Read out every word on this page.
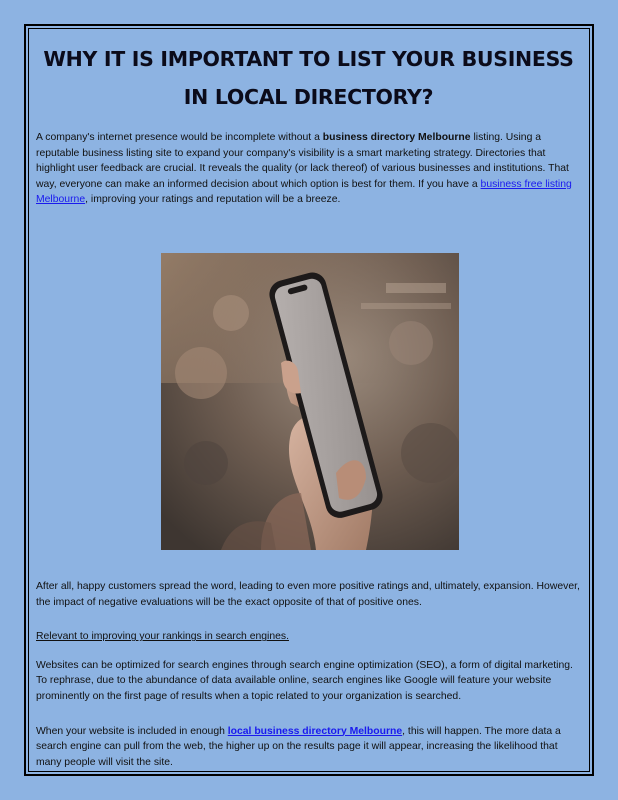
WHY IT IS IMPORTANT TO LIST YOUR BUSINESS IN LOCAL DIRECTORY?

A company's internet presence would be incomplete without a business directory Melbourne listing. Using a reputable business listing site to expand your company's visibility is a smart marketing strategy. Directories that highlight user feedback are crucial. It reveals the quality (or lack thereof) of various businesses and institutions. That way, everyone can make an informed decision about which option is best for them. If you have a business free listing Melbourne, improving your ratings and reputation will be a breeze.

After all, happy customers spread the word, leading to even more positive ratings and, ultimately, expansion. However, the impact of negative evaluations will be the exact opposite of that of positive ones.

Relevant to improving your rankings in search engines.

Websites can be optimized for search engines through search engine optimization (SEO), a form of digital marketing. To rephrase, due to the abundance of data available online, search engines like Google will feature your website prominently on the first page of results when a topic related to your organization is searched.

When your website is included in enough local business directory Melbourne, this will happen. The more data a search engine can pull from the web, the higher up on the results page it will appear, increasing the likelihood that many people will visit the site.
